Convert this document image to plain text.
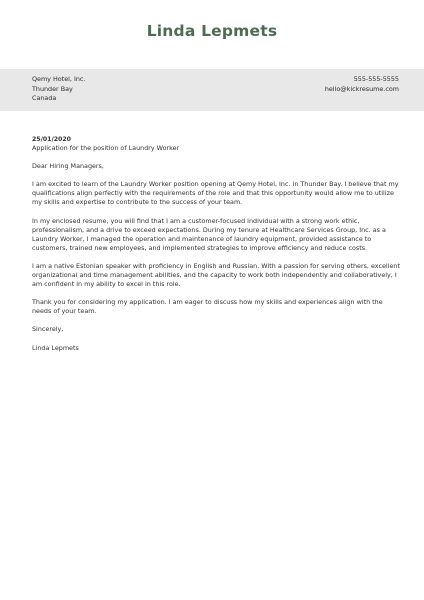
Linda Lepmets
Qemy Hotel, Inc.
Thunder Bay
Canada
555-555-5555
hello@kickresume.com

25/01/2020

Application for the position of Laundry Worker

Dear Hiring Managers,

I am excited to learn of the Laundry Worker position opening at Qemy Hotel, Inc. in Thunder Bay. I believe that my qualifications align perfectly with the requirements of the role and that this opportunity would allow me to utilize my skills and expertise to contribute to the success of your team.

In my enclosed resume, you will find that I am a customer-focused individual with a strong work ethic, professionalism, and a drive to exceed expectations. During my tenure at Healthcare Services Group, Inc. as a Laundry Worker, I managed the operation and maintenance of laundry equipment, provided assistance to customers, trained new employees, and implemented strategies to improve efficiency and reduce costs.

I am a native Estonian speaker with proficiency in English and Russian. With a passion for serving others, excellent organizational and time management abilities, and the capacity to work both independently and collaboratively, I am confident in my ability to excel in this role.

Thank you for considering my application. I am eager to discuss how my skills and experiences align with the needs of your team.

Sincerely,

Linda Lepmets
